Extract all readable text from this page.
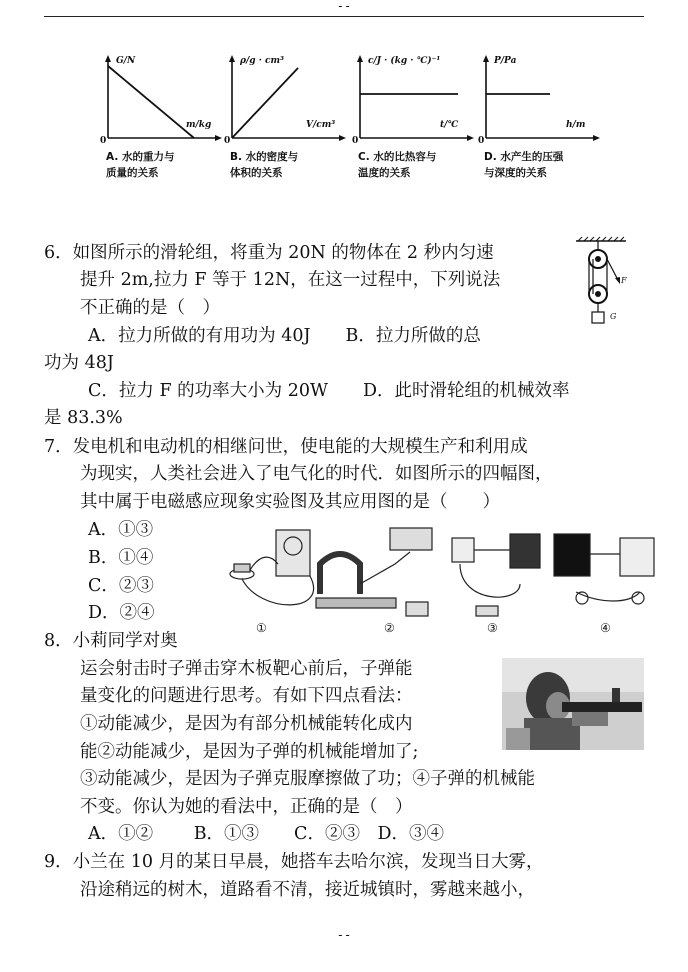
--
G/N
m/kg
0
A. 水的重力与
质量的关系
ρ/g · cm³
V/cm³
0
B. 水的密度与
体积的关系
c/J · (kg · ℃)⁻¹
t/℃
0
C. 水的比热容与
温度的关系
P/Pa
h/m
0
D. 水产生的压强
与深度的关系
6．如图所示的滑轮组，将重为 20N 的物体在 2 秒内匀速
提升 2m,拉力 F 等于 12N，在这一过程中，下列说法
不正确的是（　）
A．拉力所做的有用功为 40J　　B．拉力所做的总
功为 48J
C．拉力 F 的功率大小为 20W　　D．此时滑轮组的机械效率
是 83.3%
F
G
7．发电机和电动机的相继问世，使电能的大规模生产和利用成
为现实，人类社会进入了电气化的时代．如图所示的四幅图，
其中属于电磁感应现象实验图及其应用图的是（　　）
A．①③
B．①④
C．②③
D．②④
①	②	③	④
8．小莉同学对奥
运会射击时子弹击穿木板靶心前后，子弹能
量变化的问题进行思考。有如下四点看法：
①动能减少，是因为有部分机械能转化成内
能②动能减少，是因为子弹的机械能增加了;
③动能减少，是因为子弹克服摩擦做了功；④子弹的机械能
不变。你认为她的看法中，正确的是（　）
A．①②　　 B．①③　　C．②③　D．③④
9．小兰在 10 月的某日早晨，她搭车去哈尔滨，发现当日大雾，
沿途稍远的树木，道路看不清，接近城镇时，雾越来越小，
--
